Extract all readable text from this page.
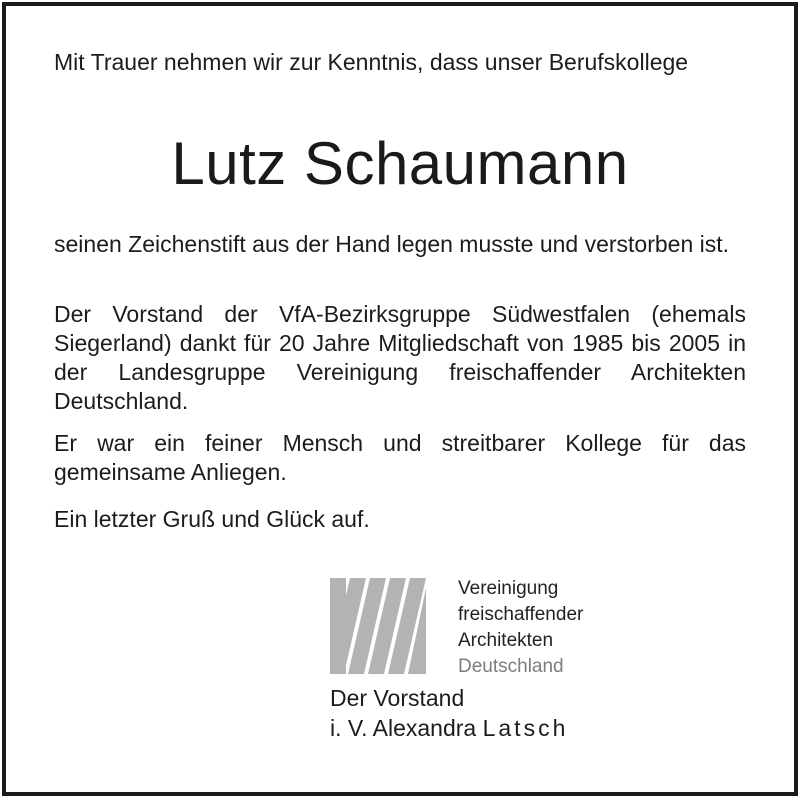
Mit Trauer nehmen wir zur Kenntnis, dass unser Berufskollege

Lutz Schaumann

seinen Zeichenstift aus der Hand legen musste und verstorben ist.

Der Vorstand der VfA-Bezirksgruppe Südwestfalen (ehemals Siegerland) dankt für 20 Jahre Mitgliedschaft von 1985 bis 2005 in der Landesgruppe Vereinigung freischaffender Architekten Deutschland.

Er war ein feiner Mensch und streitbarer Kollege für das gemeinsame Anliegen.

Ein letzter Gruß und Glück auf.

Vereinigung
freischaffender
Architekten
Deutschland
Der Vorstand
i. V. Alexandra Latsch
